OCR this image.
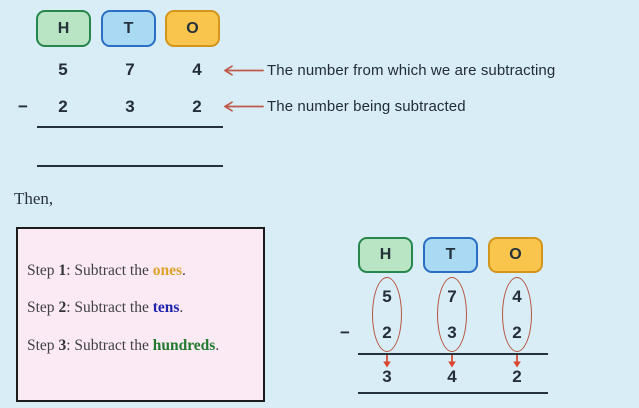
H	T	O
5	7	4	The number from which we are subtracting
− 2	3	2	The number being subtracted
Then,
Step 1: Subtract the ones.
Step 2: Subtract the tens.
Step 3: Subtract the hundreds.
H	T	O
5	7	4
− 2	3	2
3	4	2
